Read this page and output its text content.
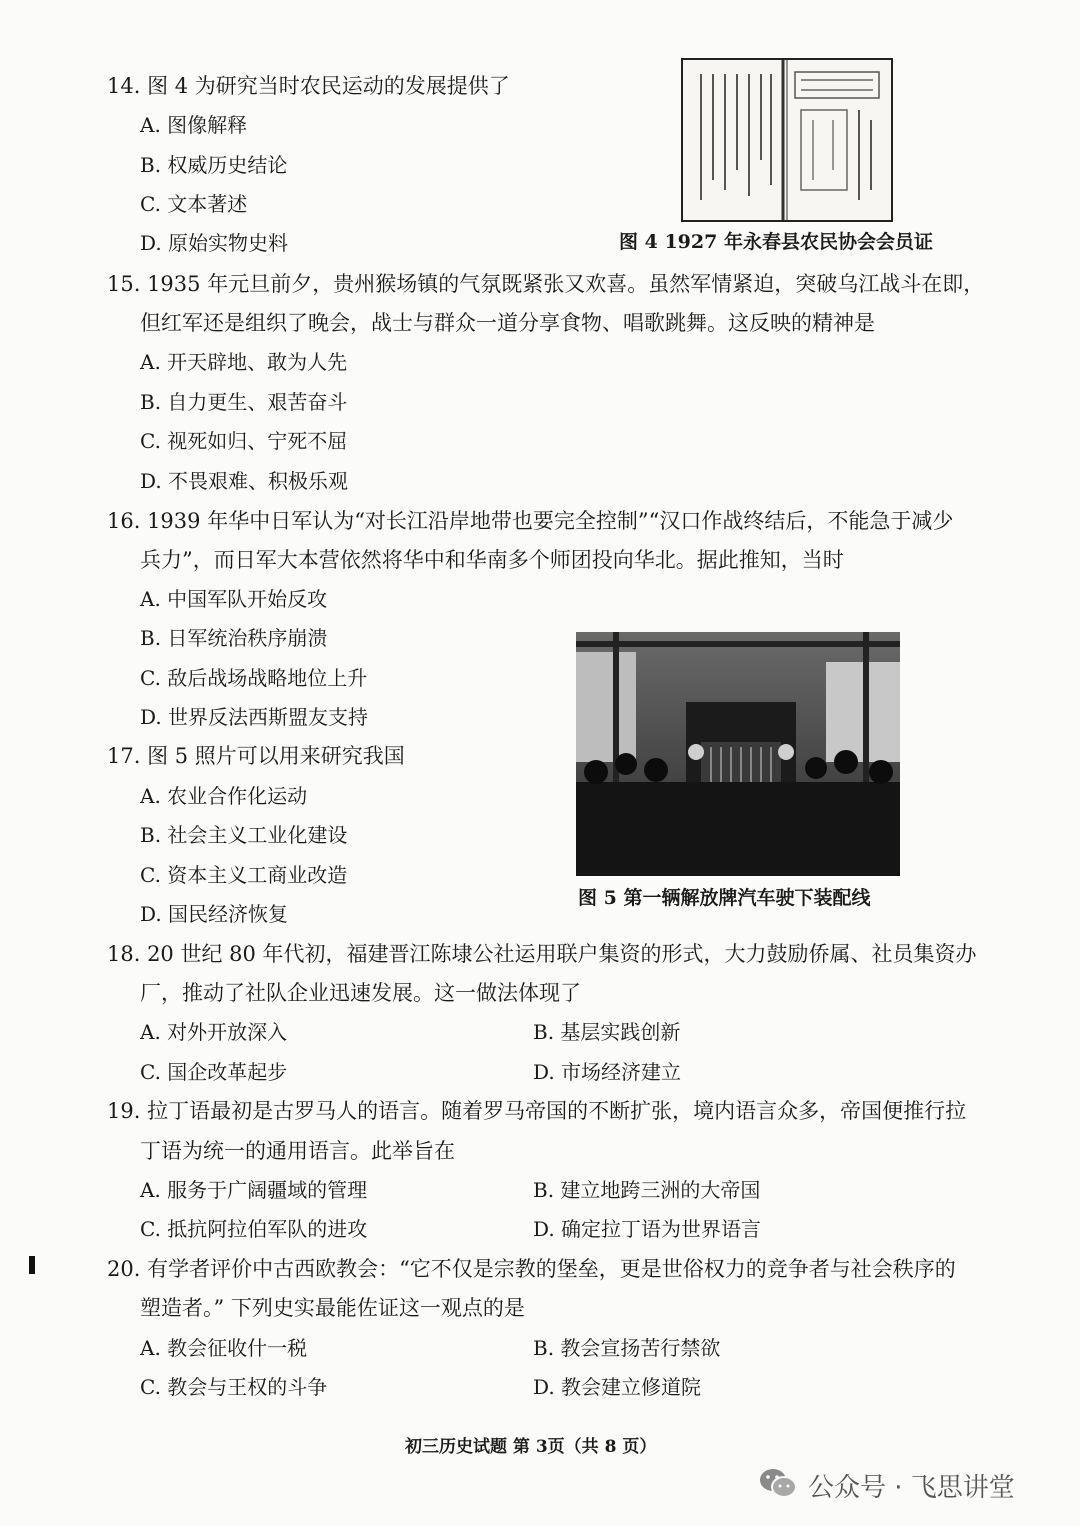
14. 图 4 为研究当时农民运动的发展提供了
A. 图像解释
B. 权威历史结论
C. 文本著述
D. 原始实物史料	图 4 1927 年永春县农民协会会员证
15. 1935 年元旦前夕，贵州猴场镇的气氛既紧张又欢喜。虽然军情紧迫，突破乌江战斗在即，
但红军还是组织了晚会，战士与群众一道分享食物、唱歌跳舞。这反映的精神是
A. 开天辟地、敢为人先
B. 自力更生、艰苦奋斗
C. 视死如归、宁死不屈
D. 不畏艰难、积极乐观
16. 1939 年华中日军认为“对长江沿岸地带也要完全控制”“汉口作战终结后，不能急于减少
兵力”，而日军大本营依然将华中和华南多个师团投向华北。据此推知，当时
A. 中国军队开始反攻
B. 日军统治秩序崩溃
C. 敌后战场战略地位上升
D. 世界反法西斯盟友支持
图 5 第一辆解放牌汽车驶下装配线
17. 图 5 照片可以用来研究我国
A. 农业合作化运动
B. 社会主义工业化建设
C. 资本主义工商业改造
D. 国民经济恢复
18. 20 世纪 80 年代初，福建晋江陈埭公社运用联户集资的形式，大力鼓励侨属、社员集资办
厂，推动了社队企业迅速发展。这一做法体现了
A. 对外开放深入	B. 基层实践创新
C. 国企改革起步	D. 市场经济建立
19. 拉丁语最初是古罗马人的语言。随着罗马帝国的不断扩张，境内语言众多，帝国便推行拉
丁语为统一的通用语言。此举旨在
A. 服务于广阔疆域的管理	B. 建立地跨三洲的大帝国
C. 抵抗阿拉伯军队的进攻	D. 确定拉丁语为世界语言
20. 有学者评价中古西欧教会：“它不仅是宗教的堡垒，更是世俗权力的竞争者与社会秩序的
塑造者。” 下列史实最能佐证这一观点的是
A. 教会征收什一税	B. 教会宣扬苦行禁欲
C. 教会与王权的斗争	D. 教会建立修道院
初三历史试题 第 3页（共 8 页）
公众号 · 飞思讲堂
